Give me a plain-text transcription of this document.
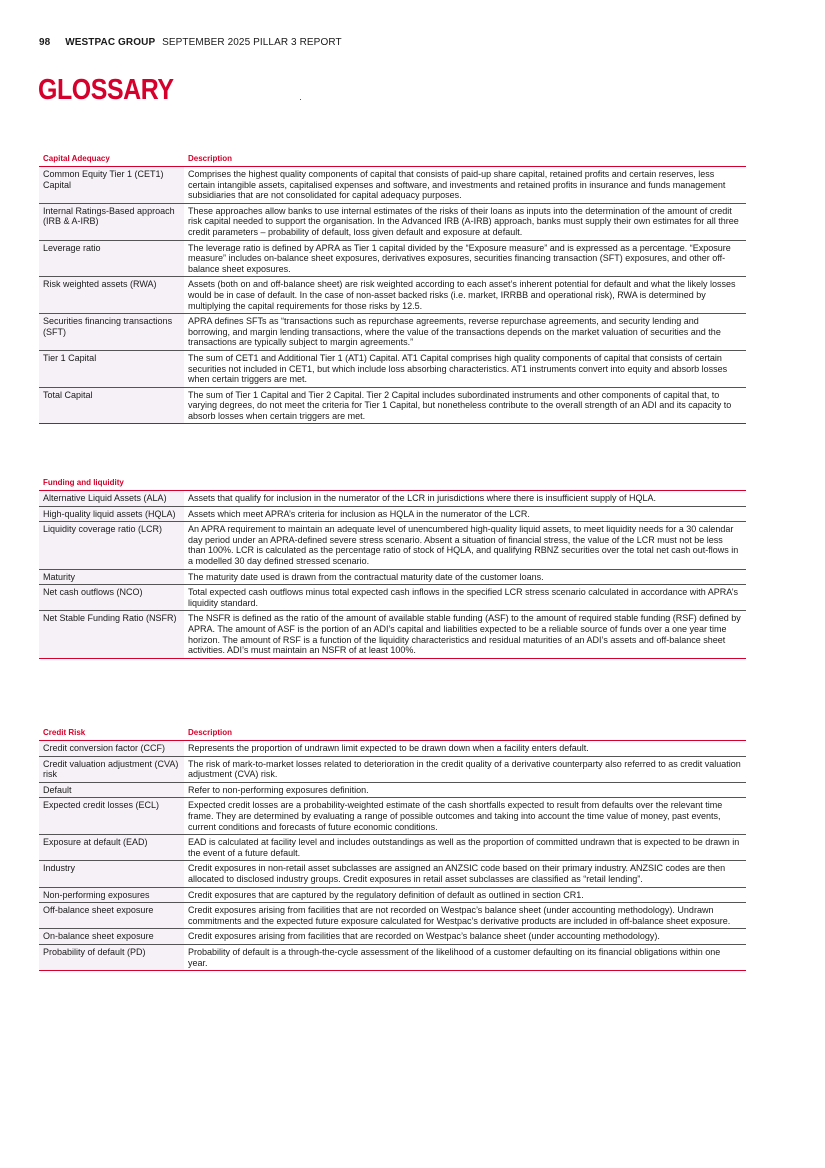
98 WESTPAC GROUP SEPTEMBER 2025 PILLAR 3 REPORT
GLOSSARY
Capital Adequacy	Description
Common Equity Tier 1 (CET1) Capital	Comprises the highest quality components of capital that consists of paid-up share capital, retained profits and certain reserves, less certain intangible assets, capitalised expenses and software, and investments and retained profits in insurance and funds management subsidiaries that are not consolidated for capital adequacy purposes.
Internal Ratings-Based approach (IRB & A-IRB)	These approaches allow banks to use internal estimates of the risks of their loans as inputs into the determination of the amount of credit risk capital needed to support the organisation. In the Advanced IRB (A-IRB) approach, banks must supply their own estimates for all three credit parameters – probability of default, loss given default and exposure at default.
Leverage ratio	The leverage ratio is defined by APRA as Tier 1 capital divided by the “Exposure measure” and is expressed as a percentage. “Exposure measure” includes on-balance sheet exposures, derivatives exposures, securities financing transaction (SFT) exposures, and other off-balance sheet exposures.
Risk weighted assets (RWA)	Assets (both on and off-balance sheet) are risk weighted according to each asset’s inherent potential for default and what the likely losses would be in case of default. In the case of non-asset backed risks (i.e. market, IRRBB and operational risk), RWA is determined by multiplying the capital requirements for those risks by 12.5.
Securities financing transactions (SFT)	APRA defines SFTs as “transactions such as repurchase agreements, reverse repurchase agreements, and security lending and borrowing, and margin lending transactions, where the value of the transactions depends on the market valuation of securities and the transactions are typically subject to margin agreements.”
Tier 1 Capital	The sum of CET1 and Additional Tier 1 (AT1) Capital. AT1 Capital comprises high quality components of capital that consists of certain securities not included in CET1, but which include loss absorbing characteristics. AT1 instruments convert into equity and absorb losses when certain triggers are met.
Total Capital	The sum of Tier 1 Capital and Tier 2 Capital. Tier 2 Capital includes subordinated instruments and other components of capital that, to varying degrees, do not meet the criteria for Tier 1 Capital, but nonetheless contribute to the overall strength of an ADI and its capacity to absorb losses when certain triggers are met.
Funding and liquidity	
Alternative Liquid Assets (ALA)	Assets that qualify for inclusion in the numerator of the LCR in jurisdictions where there is insufficient supply of HQLA.
High-quality liquid assets (HQLA)	Assets which meet APRA’s criteria for inclusion as HQLA in the numerator of the LCR.
Liquidity coverage ratio (LCR)	An APRA requirement to maintain an adequate level of unencumbered high-quality liquid assets, to meet liquidity needs for a 30 calendar day period under an APRA-defined severe stress scenario. Absent a situation of financial stress, the value of the LCR must not be less than 100%. LCR is calculated as the percentage ratio of stock of HQLA, and qualifying RBNZ securities over the total net cash out-flows in a modelled 30 day defined stressed scenario.
Maturity	The maturity date used is drawn from the contractual maturity date of the customer loans.
Net cash outflows (NCO)	Total expected cash outflows minus total expected cash inflows in the specified LCR stress scenario calculated in accordance with APRA’s liquidity standard.
Net Stable Funding Ratio (NSFR)	The NSFR is defined as the ratio of the amount of available stable funding (ASF) to the amount of required stable funding (RSF) defined by APRA. The amount of ASF is the portion of an ADI’s capital and liabilities expected to be a reliable source of funds over a one year time horizon. The amount of RSF is a function of the liquidity characteristics and residual maturities of an ADI’s assets and off-balance sheet activities. ADI’s must maintain an NSFR of at least 100%.
Credit Risk	Description
Credit conversion factor (CCF)	Represents the proportion of undrawn limit expected to be drawn down when a facility enters default.
Credit valuation adjustment (CVA) risk	The risk of mark-to-market losses related to deterioration in the credit quality of a derivative counterparty also referred to as credit valuation adjustment (CVA) risk.
Default	Refer to non-performing exposures definition.
Expected credit losses (ECL)	Expected credit losses are a probability-weighted estimate of the cash shortfalls expected to result from defaults over the relevant time frame. They are determined by evaluating a range of possible outcomes and taking into account the time value of money, past events, current conditions and forecasts of future economic conditions.
Exposure at default (EAD)	EAD is calculated at facility level and includes outstandings as well as the proportion of committed undrawn that is expected to be drawn in the event of a future default.
Industry	Credit exposures in non-retail asset subclasses are assigned an ANZSIC code based on their primary industry. ANZSIC codes are then allocated to disclosed industry groups. Credit exposures in retail asset subclasses are classified as “retail lending”.
Non-performing exposures	Credit exposures that are captured by the regulatory definition of default as outlined in section CR1.
Off-balance sheet exposure	Credit exposures arising from facilities that are not recorded on Westpac’s balance sheet (under accounting methodology). Undrawn commitments and the expected future exposure calculated for Westpac’s derivative products are included in off-balance sheet exposure.
On-balance sheet exposure	Credit exposures arising from facilities that are recorded on Westpac’s balance sheet (under accounting methodology).
Probability of default (PD)	Probability of default is a through-the-cycle assessment of the likelihood of a customer defaulting on its financial obligations within one year.
